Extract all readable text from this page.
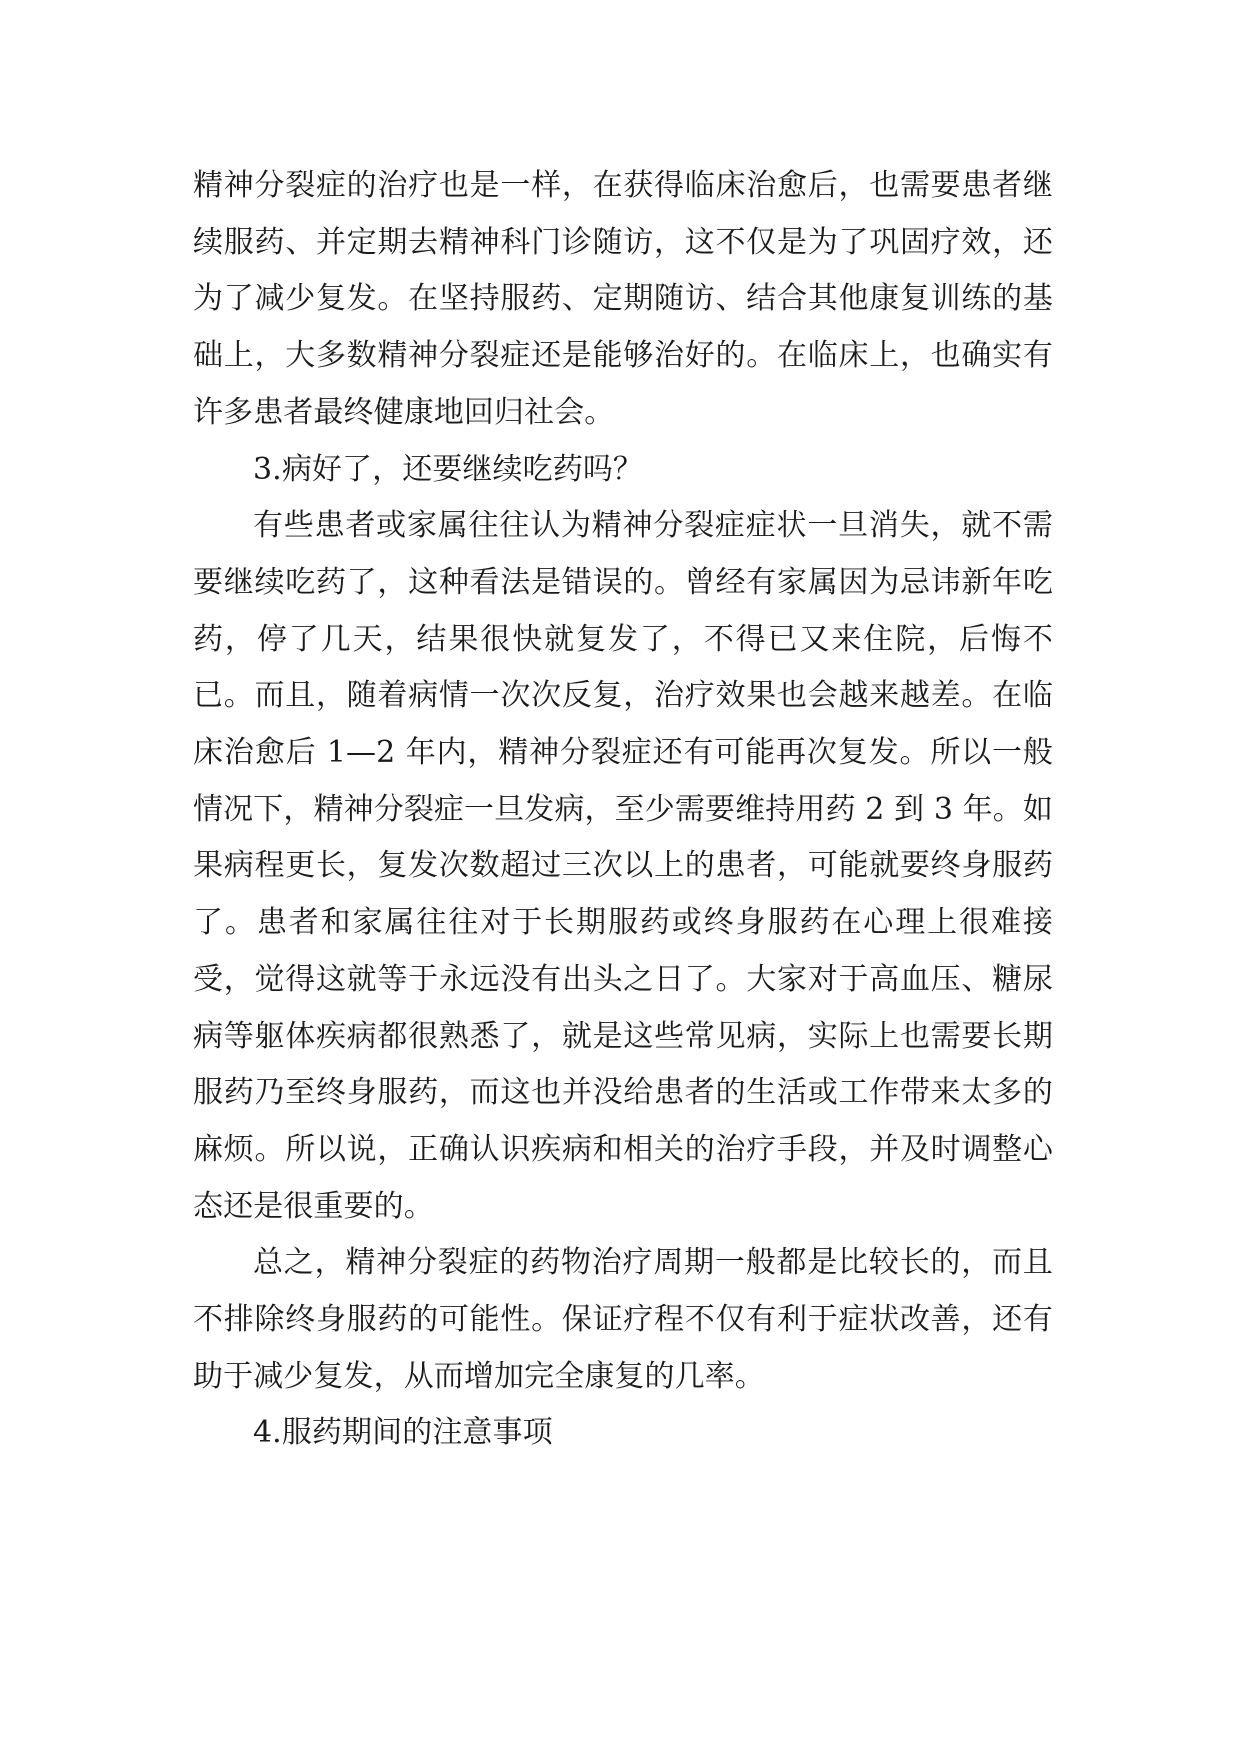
精神分裂症的治疗也是一样，在获得临床治愈后，也需要患者继续服药、并定期去精神科门诊随访，这不仅是为了巩固疗效，还为了减少复发。在坚持服药、定期随访、结合其他康复训练的基础上，大多数精神分裂症还是能够治好的。在临床上，也确实有许多患者最终健康地回归社会。

3.病好了，还要继续吃药吗？

有些患者或家属往往认为精神分裂症症状一旦消失，就不需要继续吃药了，这种看法是错误的。曾经有家属因为忌讳新年吃药，停了几天，结果很快就复发了，不得已又来住院，后悔不已。而且，随着病情一次次反复，治疗效果也会越来越差。在临床治愈后 1—2 年内，精神分裂症还有可能再次复发。所以一般情况下，精神分裂症一旦发病，至少需要维持用药 2 到 3 年。如果病程更长，复发次数超过三次以上的患者，可能就要终身服药了。患者和家属往往对于长期服药或终身服药在心理上很难接受，觉得这就等于永远没有出头之日了。大家对于高血压、糖尿病等躯体疾病都很熟悉了，就是这些常见病，实际上也需要长期服药乃至终身服药，而这也并没给患者的生活或工作带来太多的麻烦。所以说，正确认识疾病和相关的治疗手段，并及时调整心态还是很重要的。

总之，精神分裂症的药物治疗周期一般都是比较长的，而且不排除终身服药的可能性。保证疗程不仅有利于症状改善，还有助于减少复发，从而增加完全康复的几率。

4.服药期间的注意事项
